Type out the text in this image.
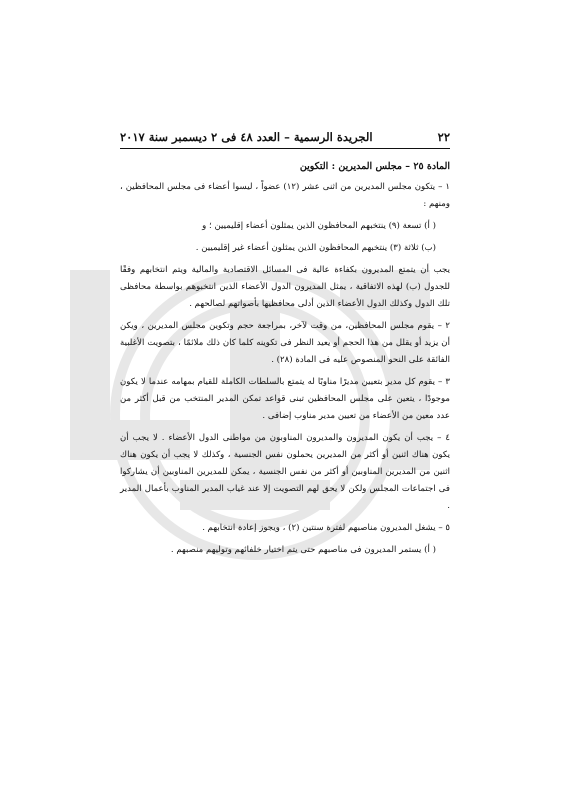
٢٢
الجريدة الرسمية – العدد ٤٨ فى ٢ ديسمبر سنة ٢٠١٧
المادة ٢٥ – مجلس المديرين : التكوين

١ – يتكون مجلس المديرين من اثنى عشر (١٢) عضواً ، ليسوا أعضاء فى مجلس المحافظين ، ومنهم :

( أ) تسعة (٩) ينتخبهم المحافظون الذين يمثلون أعضاء إقليميين ؛ و

(ب) ثلاثة (٣) ينتخبهم المحافظون الذين يمثلون أعضاء غير إقليميين .

يجب أن يتمتع المديرون بكفاءة عالية فى المسائل الاقتصادية والمالية ويتم انتخابهم وفقًا للجدول (ب) لهذه الاتفاقية ، يمثل المديرون الدول الأعضاء الذين انتخبوهم بواسطة محافظى تلك الدول وكذلك الدول الأعضاء الذين أدلى محافظيها بأصواتهم لصالحهم .

٢ – يقوم مجلس المحافظين، من وقت لآخر، بمراجعة حجم وتكوين مجلس المديرين ، ويكن أن يزيد أو يقلل من هذا الحجم أو يعيد النظر فى تكوينه كلما كان ذلك ملائمًا ، بتصويت الأغلبية الفائقة على النحو المنصوص عليه فى المادة (٢٨) .

٣ – يقوم كل مدير بتعيين مديرًا مناوبًا له يتمتع بالسلطات الكاملة للقيام بمهامه عندما لا يكون موجودًا ، يتعين على مجلس المحافظين تبنى قواعد تمكن المدير المنتخب من قبل أكثر من عدد معين من الأعضاء من تعيين مدير مناوب إضافى .

٤ – يجب أن يكون المديرون والمديرون المناوبون من مواطنى الدول الأعضاء . لا يجب أن يكون هناك اثنين أو أكثر من المديرين يحملون نفس الجنسية ، وكذلك لا يجب أن يكون هناك اثنين من المديرين المناوبين أو أكثر من نفس الجنسية ، يمكن للمديرين المناوبين أن يشاركوا فى اجتماعات المجلس ولكن لا يحق لهم التصويت إلا عند غياب المدير المناوب بأعمال المدير .

٥ – يشغل المديرون مناصبهم لفترة سنتين (٢) ، ويجوز إعادة انتخابهم .

( أ) يستمر المديرون فى مناصبهم حتى يتم اختيار خلفائهم وتوليهم منصبهم .
